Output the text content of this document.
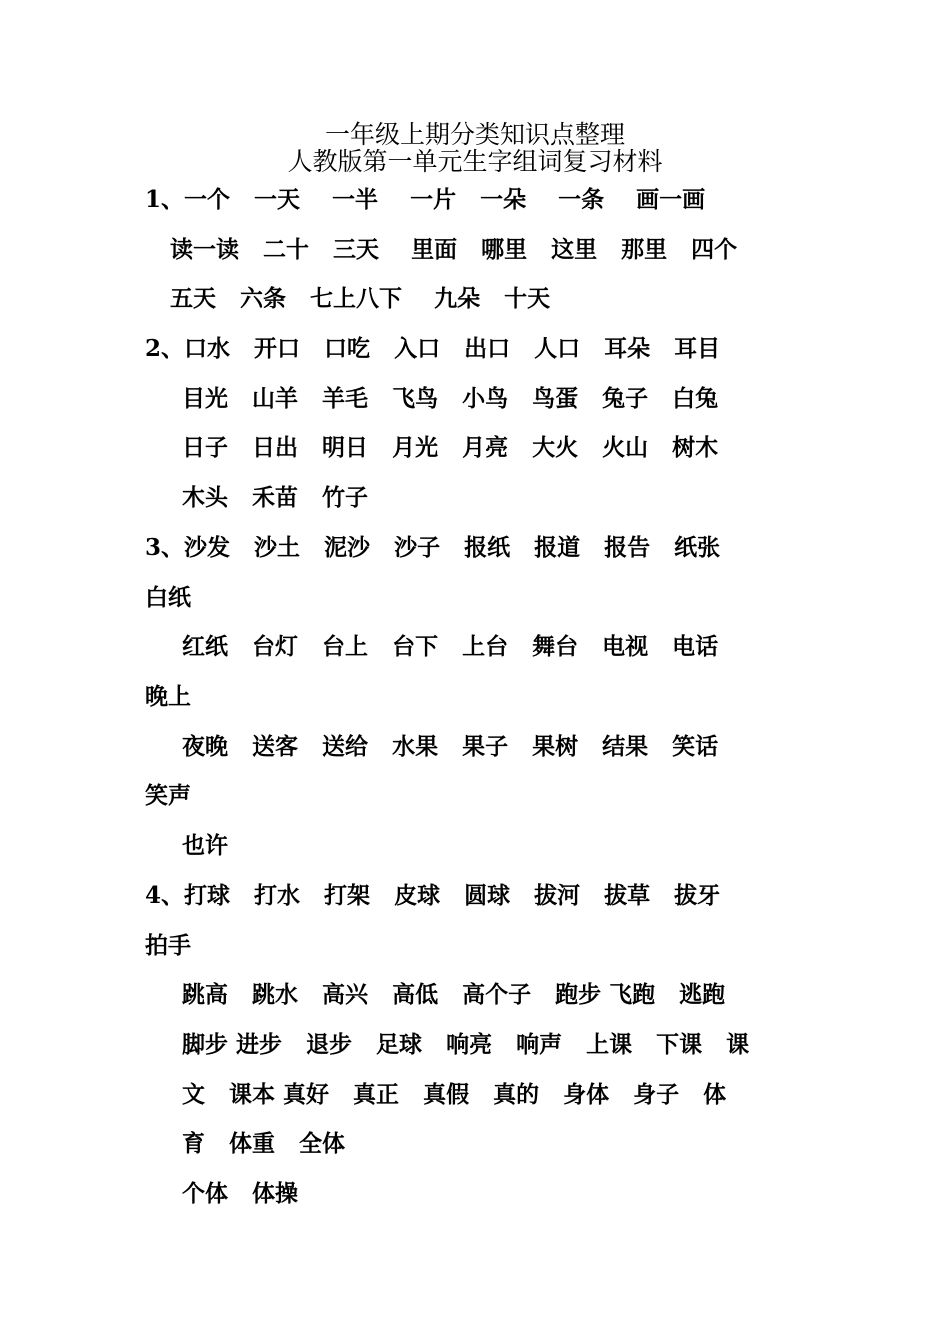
一年级上期分类知识点整理
人教版第一单元生字组词复习材料
1、一个   一天    一半    一片   一朵    一条    画一画
读一读   二十   三天    里面   哪里   这里   那里   四个
五天   六条   七上八下    九朵   十天
2、口水   开口   口吃   入口   出口   人口   耳朵   耳目
目光   山羊   羊毛   飞鸟   小鸟   鸟蛋   兔子   白兔
日子   日出   明日   月光   月亮   大火   火山   树木
木头   禾苗   竹子
3、沙发   沙土   泥沙   沙子   报纸   报道   报告   纸张
白纸
红纸   台灯   台上   台下   上台   舞台   电视   电话
晚上
夜晚   送客   送给   水果   果子   果树   结果   笑话
笑声
也许
4、打球   打水   打架   皮球   圆球   拔河   拔草   拔牙
拍手
跳高   跳水   高兴   高低   高个子   跑步 飞跑   逃跑
脚步 进步   退步   足球   响亮   响声   上课   下课   课
文   课本 真好   真正   真假   真的   身体   身子   体
育   体重   全体
个体   体操
